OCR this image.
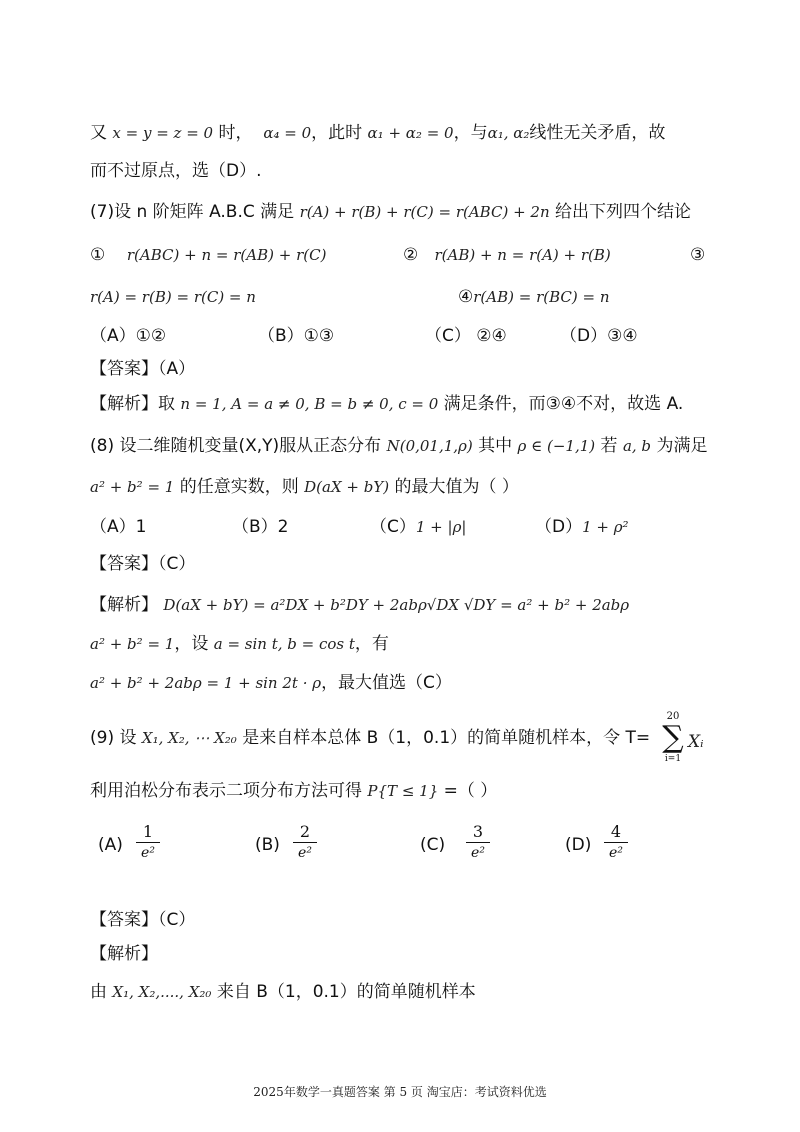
又 x = y = z = 0 时， α₄ = 0，此时 α₁ + α₂ = 0，与α₁, α₂线性无关矛盾，故
而不过原点，选（D）.
(7)设 n 阶矩阵 A.B.C 满足 r(A) + r(B) + r(C) = r(ABC) + 2n 给出下列四个结论
① r(ABC) + n = r(AB) + r(C)	② r(AB) + n = r(A) + r(B)	③
r(A) = r(B) = r(C) = n	④r(AB) = r(BC) = n
（A）①②	（B）①③	（C） ②④	（D）③④
【答案】（A）
【解析】取 n = 1, A = a ≠ 0, B = b ≠ 0, c = 0 满足条件，而③④不对，故选 A.
(8) 设二维随机变量(X,Y)服从正态分布 N(0,01,1,ρ) 其中 ρ ∈ (−1,1) 若 a, b 为满足
a² + b² = 1 的任意实数，则 D(aX + bY) 的最大值为（ ）
（A）1	（B）2	（C）1 + |ρ|	（D）1 + ρ²
【答案】（C）
【解析】 D(aX + bY) = a²DX + b²DY + 2abρ√DX √DY = a² + b² + 2abρ
a² + b² = 1，设 a = sin t, b = cos t，有
a² + b² + 2abρ = 1 + sin 2t · ρ，最大值选（C）
(9) 设 X₁, X₂, ⋯ X₂₀ 是来自样本总体 B（1，0.1）的简单随机样本，令 T=
20
∑
i=1
Xᵢ
利用泊松分布表示二项分布方法可得 P{T ≤ 1} =（ ）
(A)
1
e²	(B)
2
e²	(C)
3
e²	(D)
4
e²
【答案】（C）
【解析】
由 X₁, X₂,...., X₂₀ 来自 B（1，0.1）的简单随机样本
2025年数学一真题答案 第 5 页 淘宝店：考试资料优选
